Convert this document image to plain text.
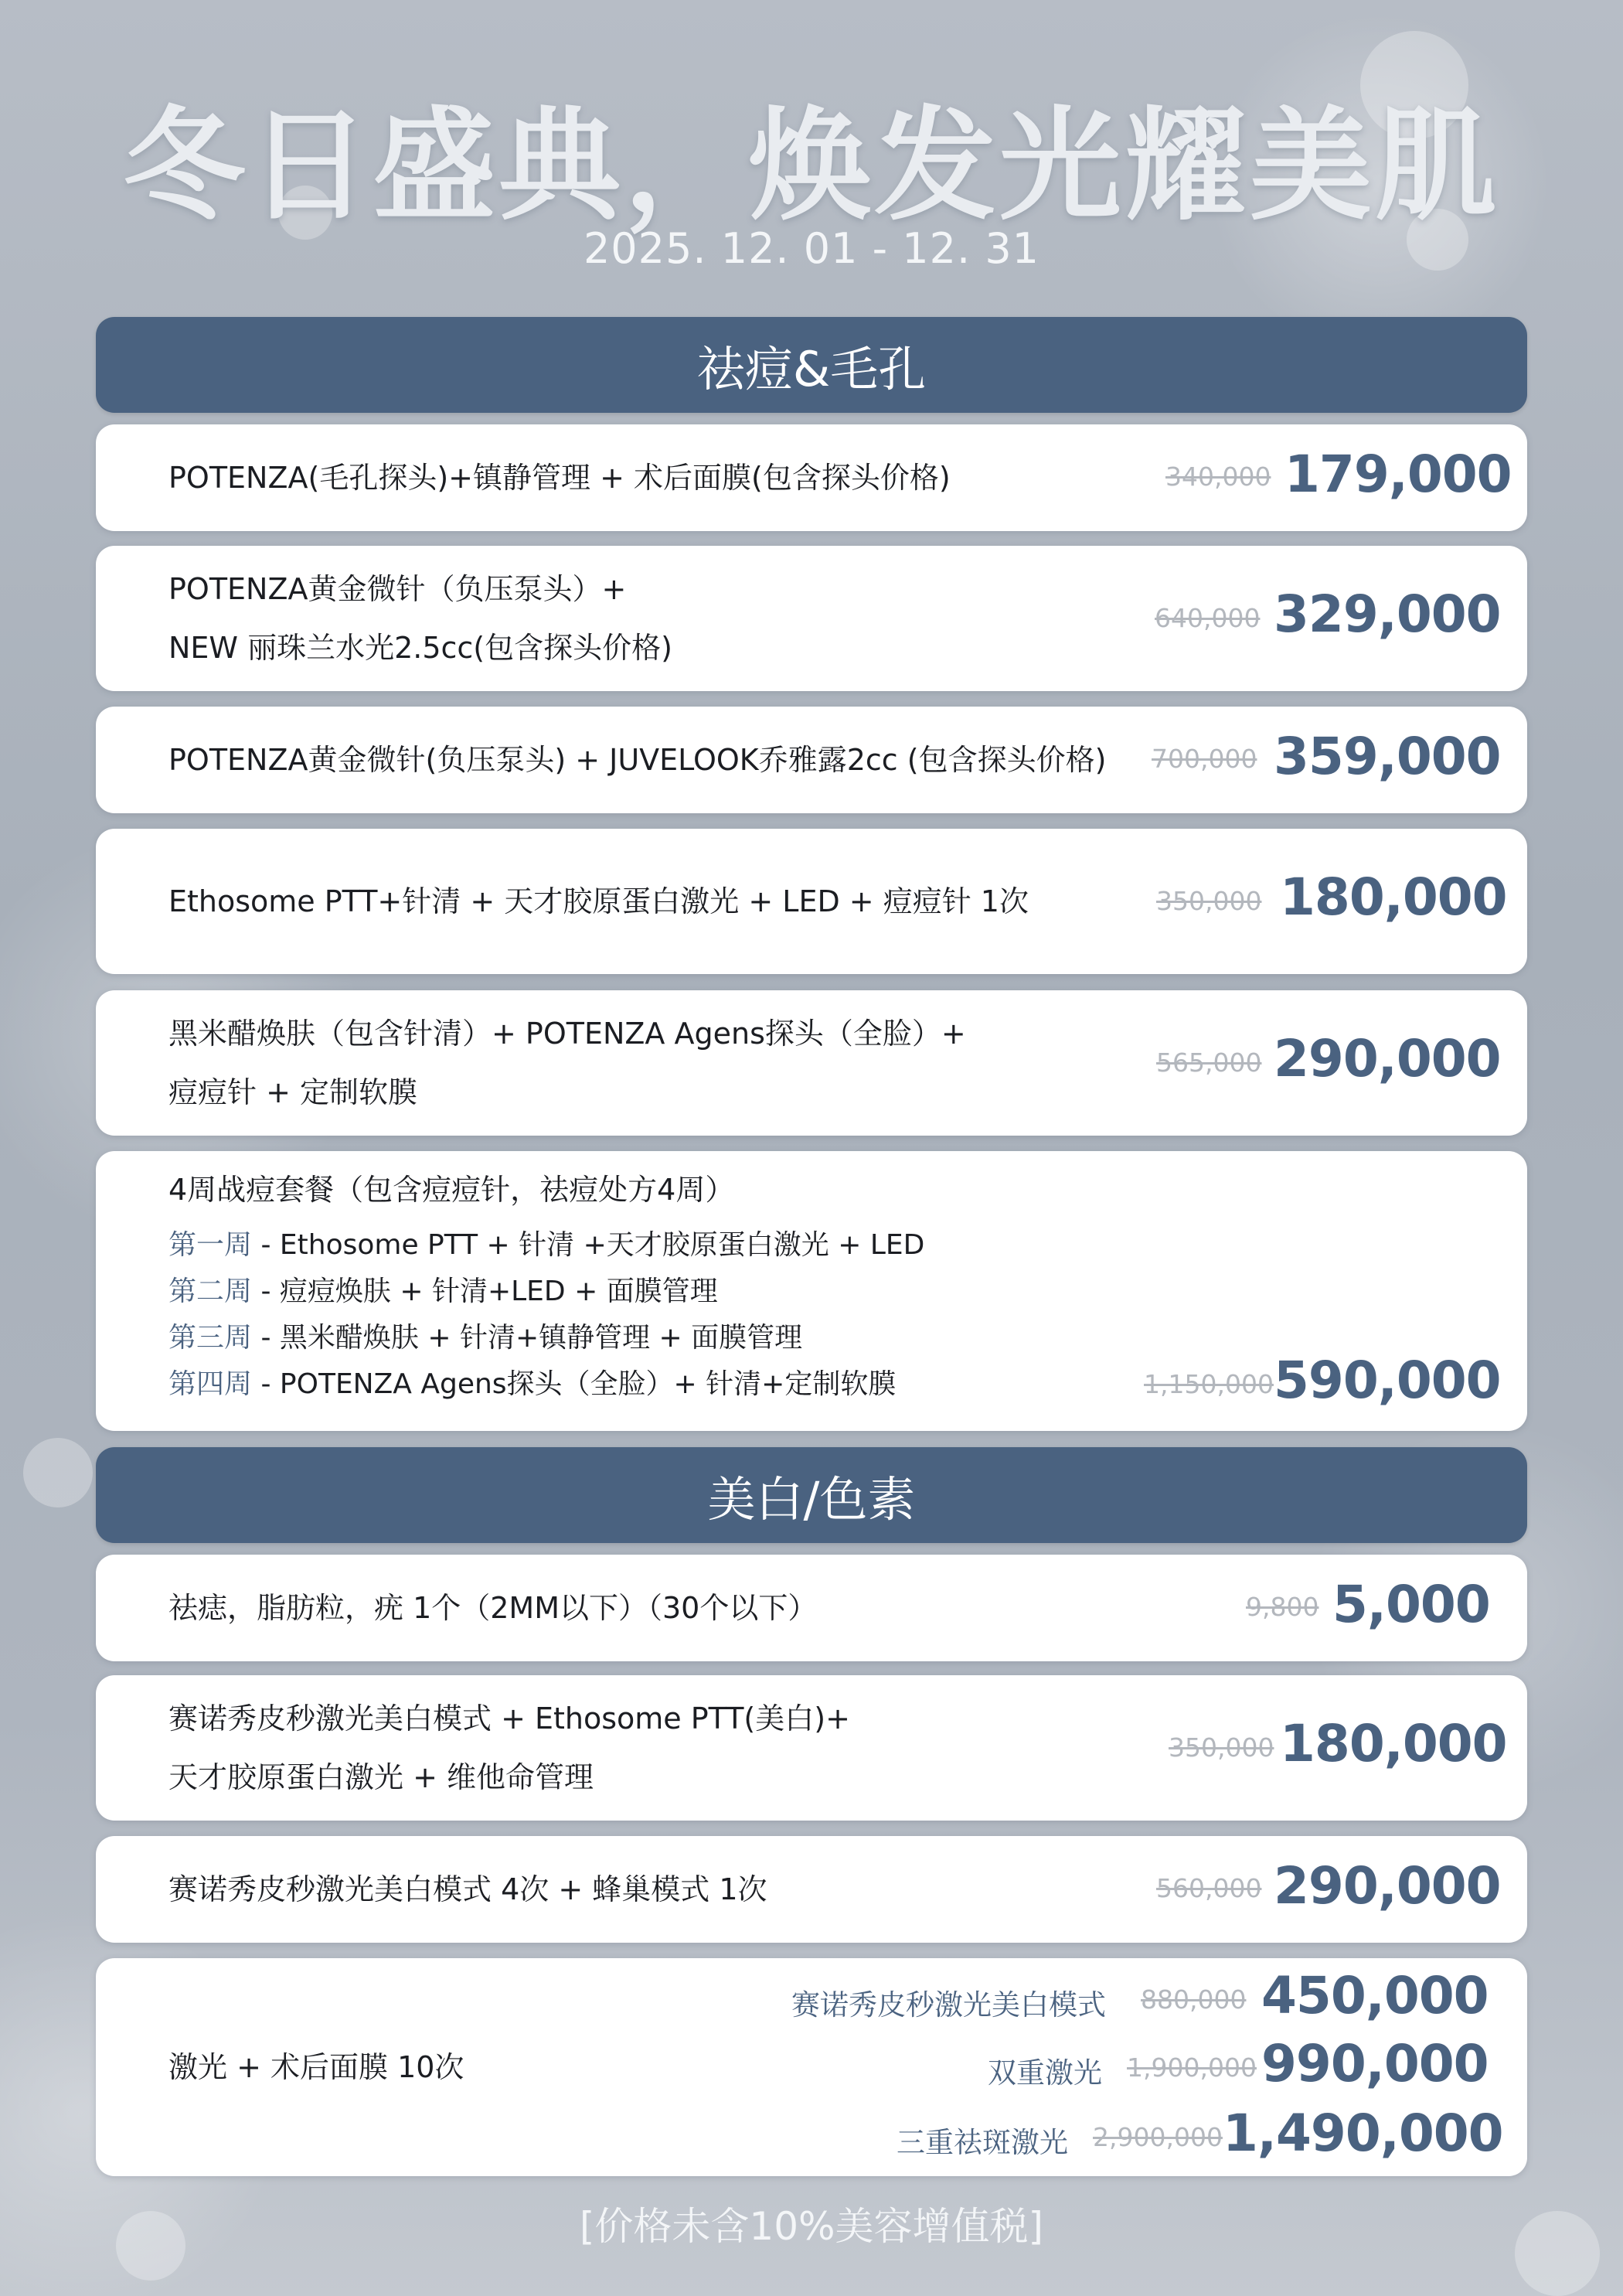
冬日盛典，焕发光耀美肌
2025. 12. 01 - 12. 31
祛痘&毛孔
POTENZA(毛孔探头)+镇静管理 + 术后面膜(包含探头价格)	340,000 179,000
POTENZA黄金微针（负压泵头）+
NEW 丽珠兰水光2.5cc(包含探头价格)
640,000 329,000
POTENZA黄金微针(负压泵头) + JUVELOOK乔雅露2cc (包含探头价格) 700,000 359,000
Ethosome PTT+针清 + 天才胶原蛋白激光 + LED + 痘痘针 1次	350,000 180,000
黑米醋焕肤（包含针清）+ POTENZA Agens探头（全脸）+
痘痘针 + 定制软膜
565,000 290,000
4周战痘套餐（包含痘痘针，祛痘处方4周）
第一周 - Ethosome PTT + 针清 +天才胶原蛋白激光 + LED
第二周 - 痘痘焕肤 + 针清+LED + 面膜管理
第三周 - 黑米醋焕肤 + 针清+镇静管理 + 面膜管理
第四周 - POTENZA Agens探头（全脸）+ 针清+定制软膜	1,150,000 590,000
美白/色素
祛痣，脂肪粒，疣 1个（2MM以下）（30个以下）	9,800 5,000
赛诺秀皮秒激光美白模式 + Ethosome PTT(美白)+
天才胶原蛋白激光 + 维他命管理
350,000 180,000
赛诺秀皮秒激光美白模式 4次 + 蜂巢模式 1次	560,000 290,000
激光 + 术后面膜 10次
赛诺秀皮秒激光美白模式 880,000 450,000
双重激光 1,900,000 990,000
三重祛斑激光 2,900,000 1,490,000
[价格未含10%美容增值税]
